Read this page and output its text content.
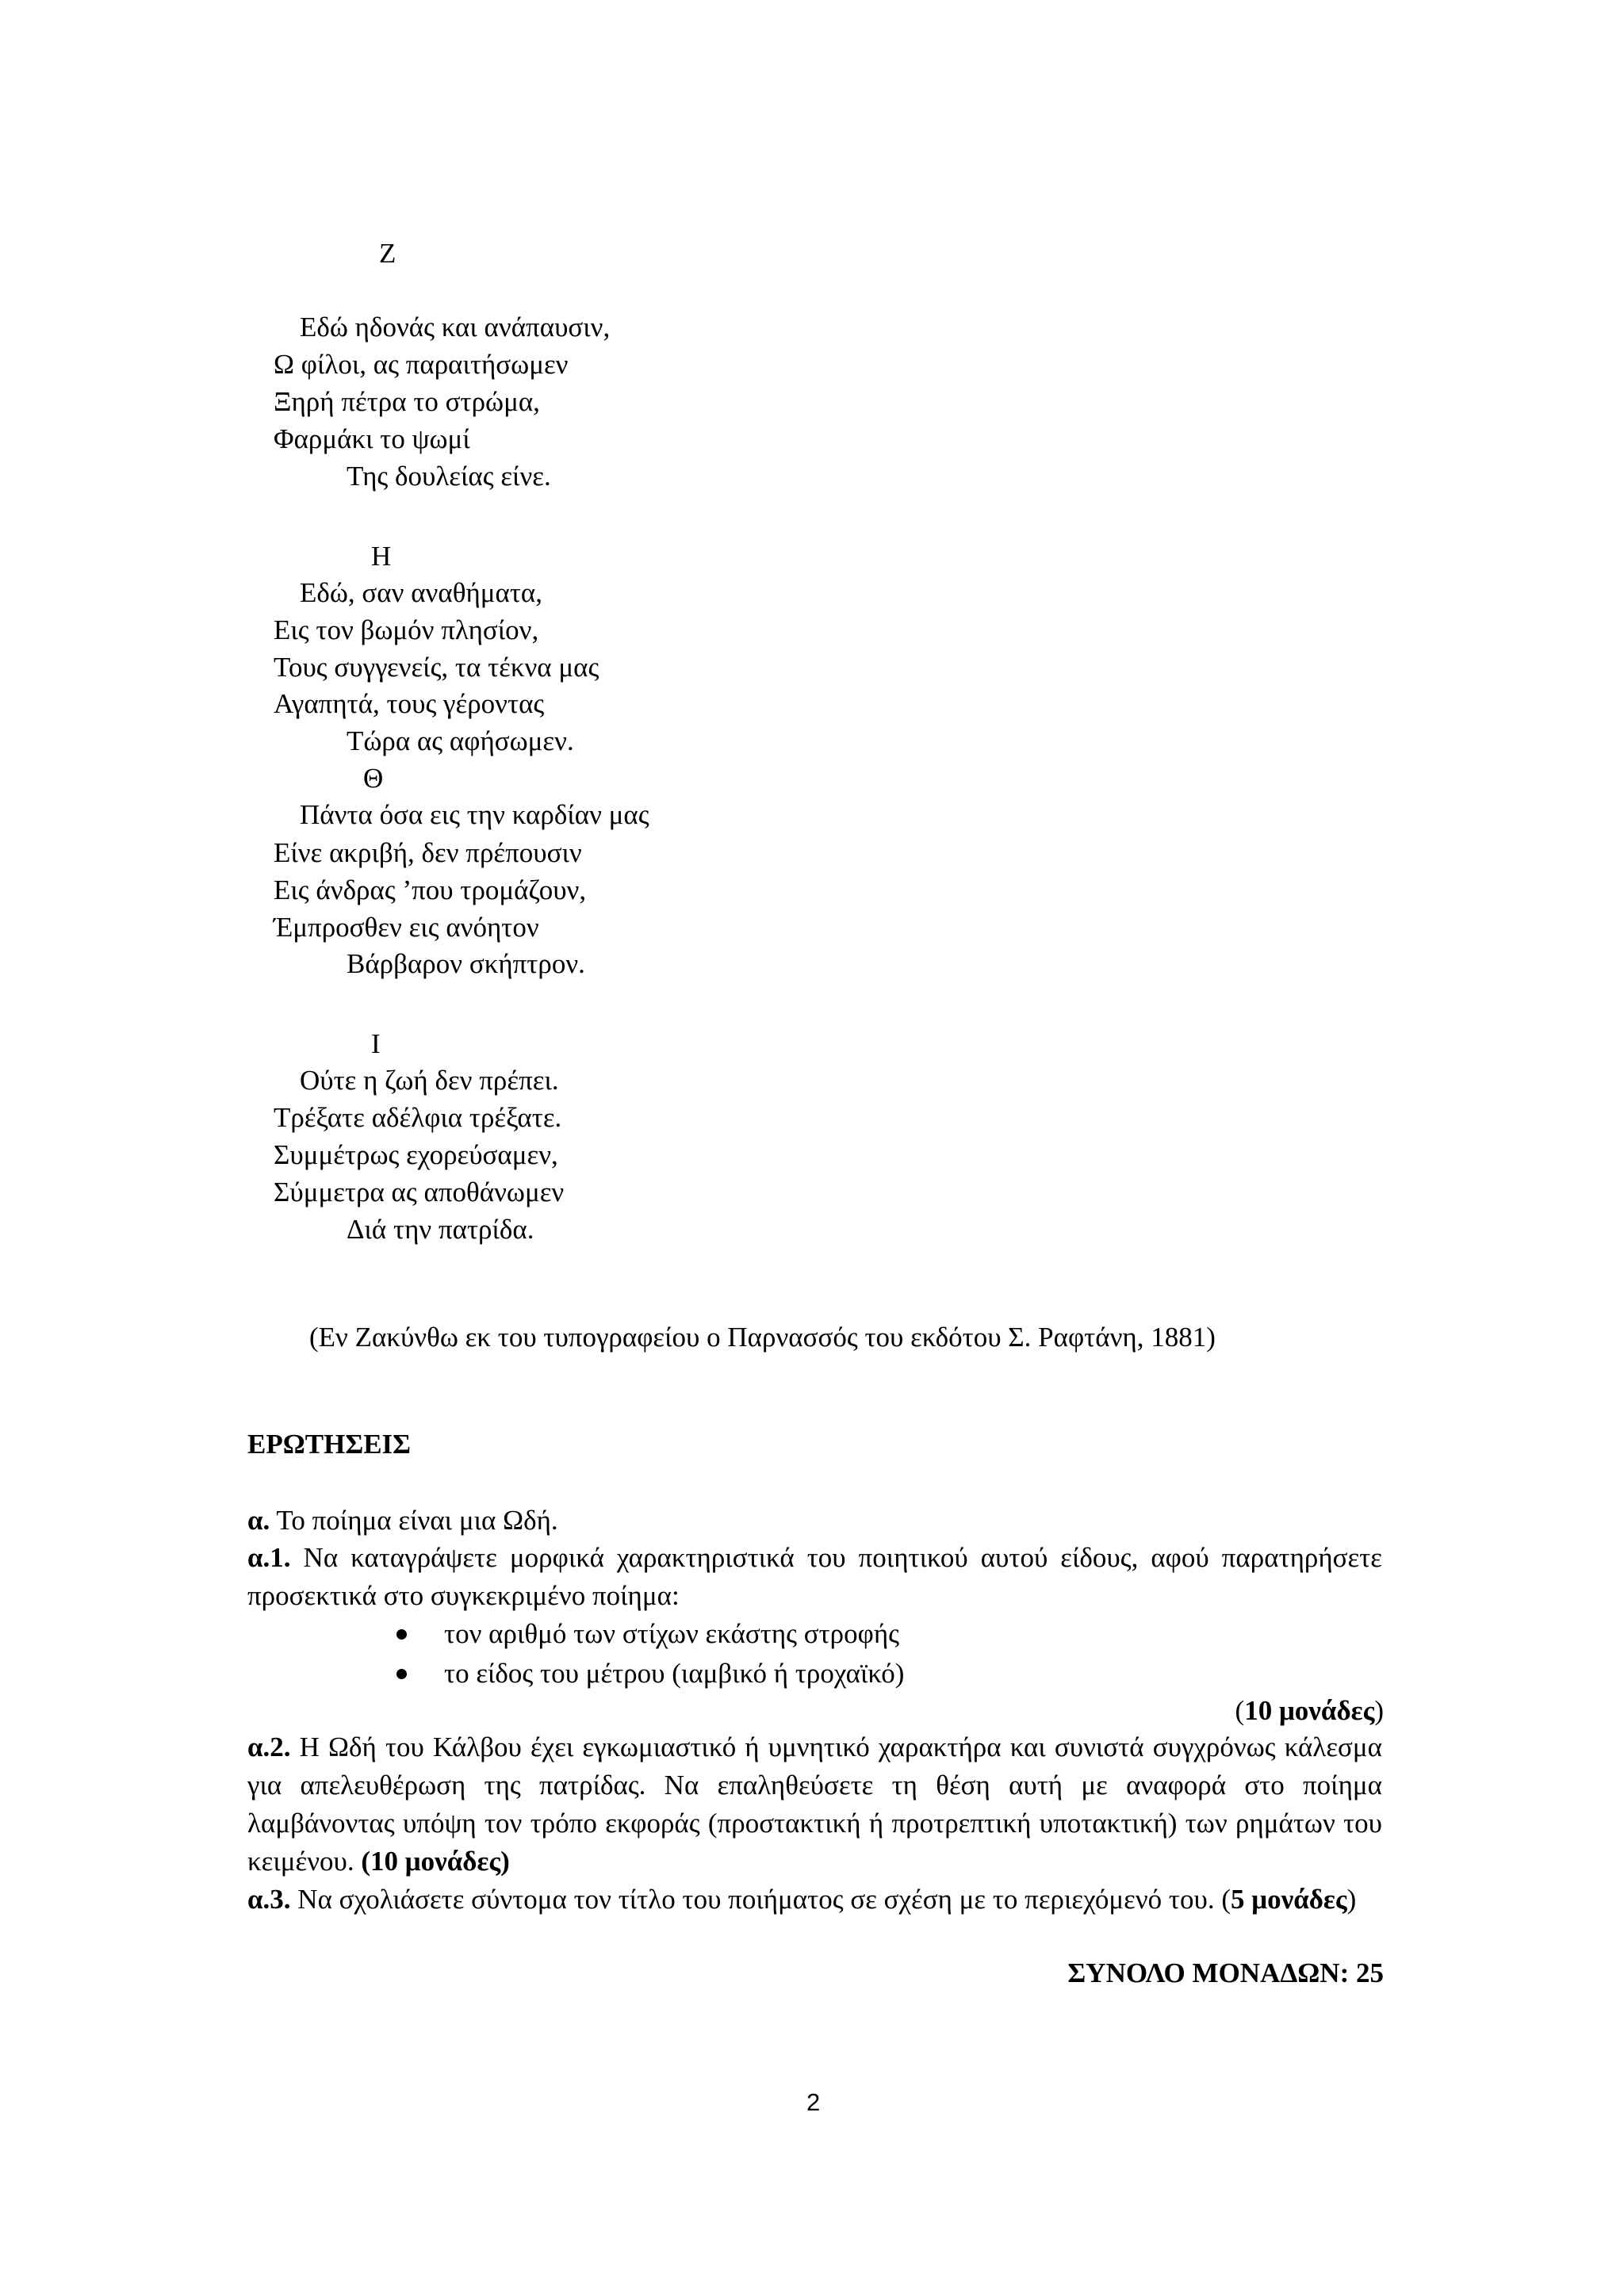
Ζ
Εδώ ηδονάς και ανάπαυσιν,
Ω φίλοι, ας παραιτήσωμεν
Ξηρή πέτρα το στρώμα,
Φαρμάκι το ψωμί
Της δουλείας είνε.
Η
Εδώ, σαν αναθήματα,
Εις τον βωμόν πλησίον,
Τους συγγενείς, τα τέκνα μας
Αγαπητά, τους γέροντας
Τώρα ας αφήσωμεν.
Θ
Πάντα όσα εις την καρδίαν μας
Είνε ακριβή, δεν πρέπουσιν
Εις άνδρας ’που τρομάζουν,
Έμπροσθεν εις ανόητον
Βάρβαρον σκήπτρον.
Ι
Ούτε η ζωή δεν πρέπει.
Τρέξατε αδέλφια τρέξατε.
Συμμέτρως εχορεύσαμεν,
Σύμμετρα ας αποθάνωμεν
Διά την πατρίδα.
(Εν Ζακύνθω εκ του τυπογραφείου ο Παρνασσός του εκδότου Σ. Ραφτάνη, 1881)
ΕΡΩΤΗΣΕΙΣ
α. Το ποίημα είναι μια Ωδή.
α.1. Να καταγράψετε μορφικά χαρακτηριστικά του ποιητικού αυτού είδους, αφού παρατηρήσετε προσεκτικά στο συγκεκριμένο ποίημα:
τον αριθμό των στίχων εκάστης στροφής
το είδος του μέτρου (ιαμβικό ή τροχαϊκό)
(10 μονάδες)
α.2. Η Ωδή του Κάλβου έχει εγκωμιαστικό ή υμνητικό χαρακτήρα και συνιστά συγχρόνως κάλεσμα για απελευθέρωση της πατρίδας. Να επαληθεύσετε τη θέση αυτή με αναφορά στο ποίημα λαμβάνοντας υπόψη τον τρόπο εκφοράς (προστακτική ή προτρεπτική υποτακτική) των ρημάτων του κειμένου. (10 μονάδες)
α.3. Να σχολιάσετε σύντομα τον τίτλο του ποιήματος σε σχέση με το περιεχόμενό του. (5 μονάδες)
ΣΥΝΟΛΟ ΜΟΝΑΔΩΝ: 25
2
